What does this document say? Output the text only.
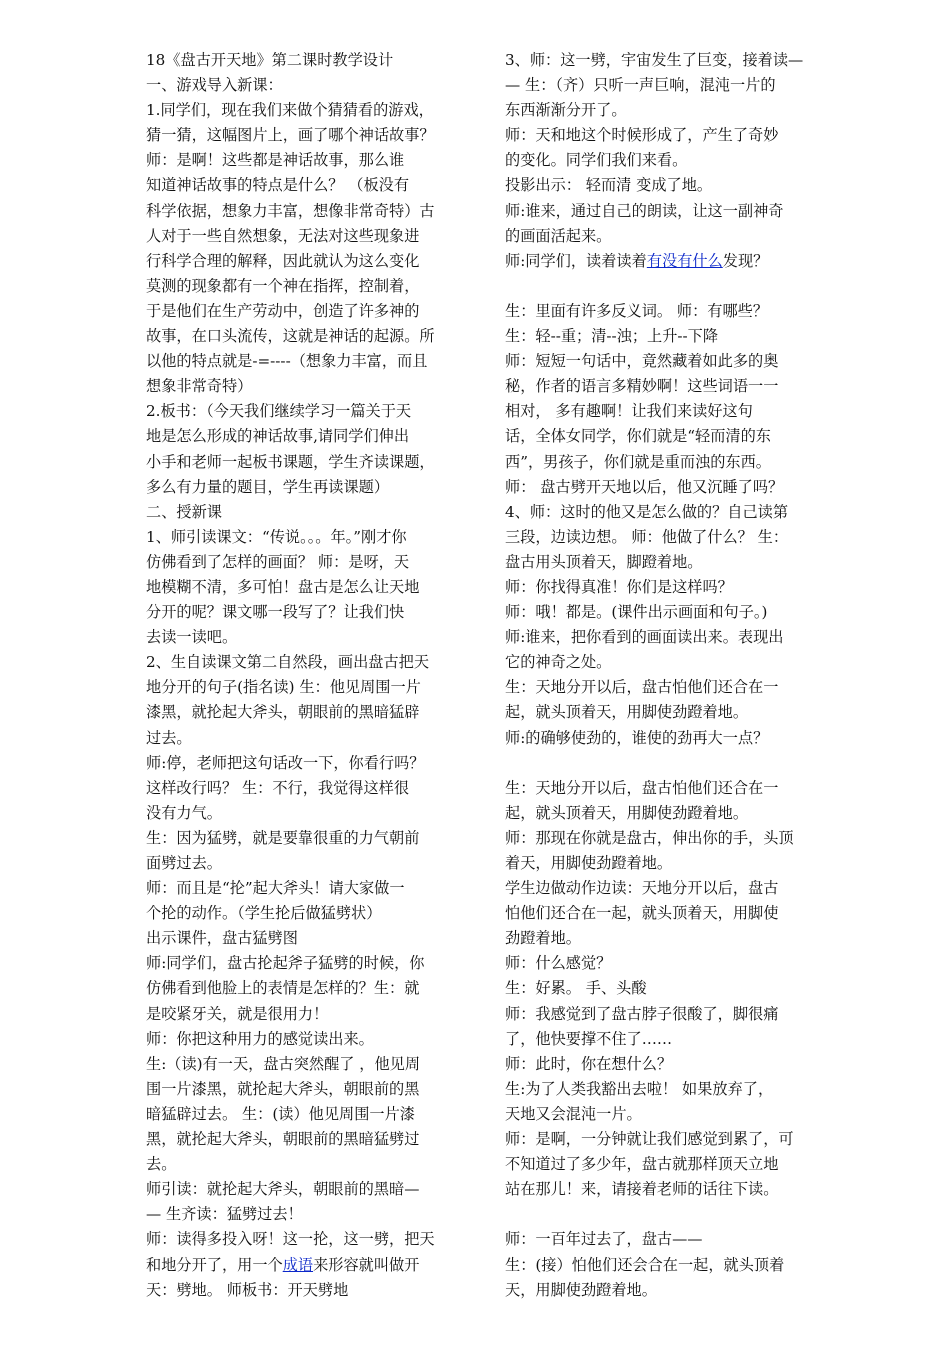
18《盘古开天地》第二课时教学设计
一、游戏导入新课：
1.同学们，现在我们来做个猜猜看的游戏，
猜一猜，这幅图片上，画了哪个神话故事？
师：是啊！这些都是神话故事，那么谁
知道神话故事的特点是什么？ （板没有
科学依据，想象力丰富，想像非常奇特）古
人对于一些自然想象，无法对这些现象进
行科学合理的解释，因此就认为这么变化
莫测的现象都有一个神在指挥，控制着，
于是他们在生产劳动中，创造了许多神的
故事，在口头流传，这就是神话的起源。所
以他的特点就是-=----（想象力丰富，而且
想象非常奇特）
2.板书：（今天我们继续学习一篇关于天
地是怎么形成的神话故事,请同学们伸出
小手和老师一起板书课题，学生齐读课题，
多么有力量的题目，学生再读课题）
二、授新课
1、师引读课文：“传说。。。年。”刚才你
仿佛看到了怎样的画面？ 师：是呀，天
地模糊不清，多可怕！盘古是怎么让天地
分开的呢？课文哪一段写了？让我们快
去读一读吧。
2、生自读课文第二自然段，画出盘古把天
地分开的句子(指名读) 生：他见周围一片
漆黑，就抡起大斧头，朝眼前的黑暗猛辟
过去。
师:停，老师把这句话改一下，你看行吗？
这样改行吗？ 生：不行，我觉得这样很
没有力气。
生：因为猛劈，就是要靠很重的力气朝前
面劈过去。
师：而且是“抡”起大斧头！请大家做一
个抡的动作。（学生抡后做猛劈状）
出示课件，盘古猛劈图
师:同学们，盘古抡起斧子猛劈的时候，你
仿佛看到他脸上的表情是怎样的？生：就
是咬紧牙关，就是很用力！
师：你把这种用力的感觉读出来。
生:（读)有一天，盘古突然醒了 ，他见周
围一片漆黑，就抡起大斧头，朝眼前的黑
暗猛辟过去。 生：(读）他见周围一片漆
黑，就抡起大斧头，朝眼前的黑暗猛劈过
去。
师引读：就抡起大斧头，朝眼前的黑暗—
— 生齐读：猛劈过去！
师：读得多投入呀！这一抡，这一劈，把天
和地分开了，用一个成语来形容就叫做开
天：劈地。 师板书：开天劈地
3、师：这一劈，宇宙发生了巨变，接着读—
— 生：（齐）只听一声巨响，混沌一片的
东西渐渐分开了。
师：天和地这个时候形成了，产生了奇妙
的变化。同学们我们来看。
投影出示： 轻而清 变成了地。
师:谁来，通过自己的朗读，让这一副神奇
的画面活起来。
师:同学们，读着读着有没有什么发现？
生：里面有许多反义词。 师：有哪些？
生：轻--重；清--浊；上升--下降
师：短短一句话中，竟然藏着如此多的奥
秘，作者的语言多精妙啊！这些词语一一
相对， 多有趣啊！让我们来读好这句
话，全体女同学，你们就是“轻而清的东
西”，男孩子，你们就是重而浊的东西。
师： 盘古劈开天地以后，他又沉睡了吗？
4、师：这时的他又是怎么做的？自己读第
三段，边读边想。 师：他做了什么？ 生：
盘古用头顶着天，脚蹬着地。
师：你找得真准！你们是这样吗？
师：哦！都是。(课件出示画面和句子。)
师:谁来，把你看到的画面读出来。表现出
它的神奇之处。
生：天地分开以后，盘古怕他们还合在一
起，就头顶着天，用脚使劲蹬着地。
师:的确够使劲的，谁使的劲再大一点？
生：天地分开以后，盘古怕他们还合在一
起，就头顶着天，用脚使劲蹬着地。
师：那现在你就是盘古，伸出你的手，头顶
着天，用脚使劲蹬着地。
学生边做动作边读：天地分开以后，盘古
怕他们还合在一起，就头顶着天，用脚使
劲蹬着地。
师：什么感觉？
生：好累。 手、头酸
师：我感觉到了盘古脖子很酸了，脚很痛
了，他快要撑不住了……
师：此时，你在想什么？
生:为了人类我豁出去啦！ 如果放弃了，
天地又会混沌一片。
师：是啊，一分钟就让我们感觉到累了，可
不知道过了多少年，盘古就那样顶天立地
站在那儿！来，请接着老师的话往下读。
师：一百年过去了，盘古——
生：(接）怕他们还会合在一起，就头顶着
天，用脚使劲蹬着地。
